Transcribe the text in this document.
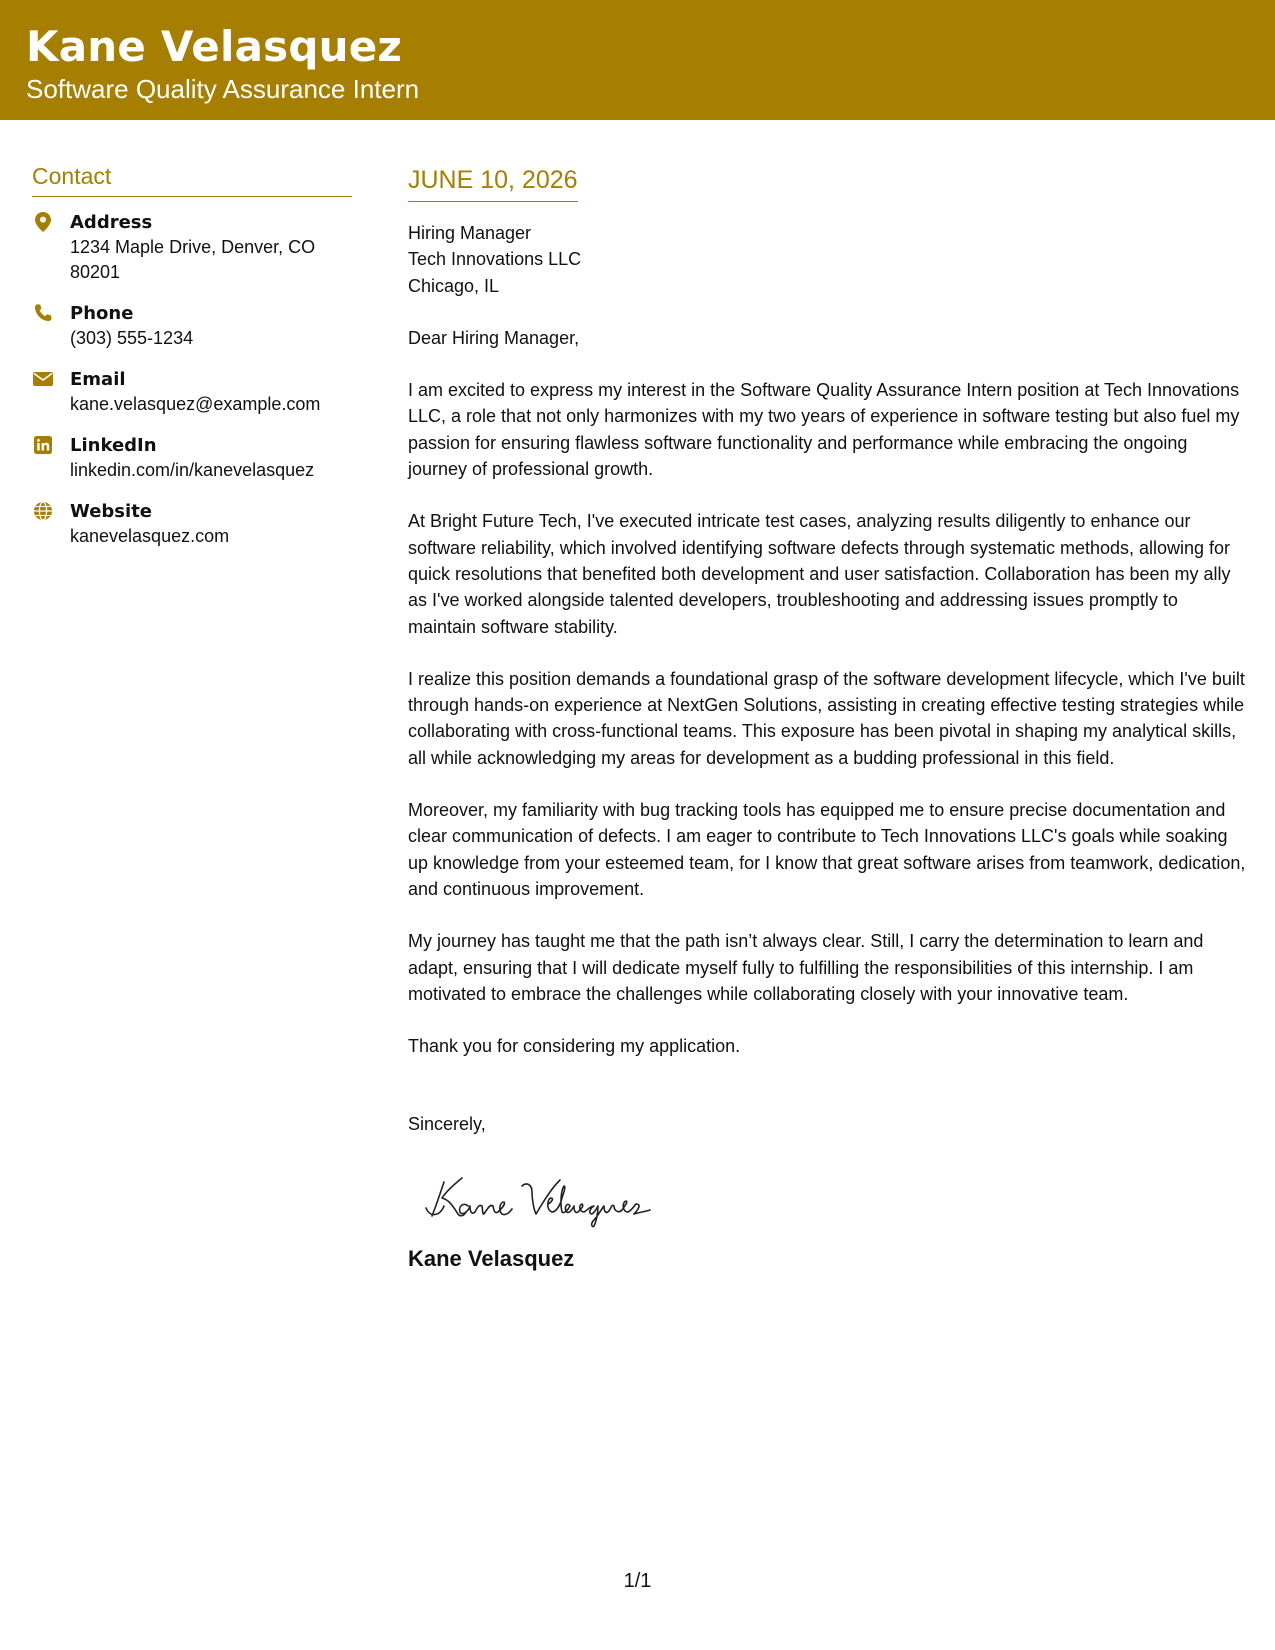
Kane Velasquez
Software Quality Assurance Intern
Contact
Address
1234 Maple Drive, Denver, CO 80201
Phone
(303) 555-1234
Email
kane.velasquez@example.com
LinkedIn
linkedin.com/in/kanevelasquez
Website
kanevelasquez.com
JUNE 10, 2026
Hiring Manager
Tech Innovations LLC
Chicago, IL

Dear Hiring Manager,

I am excited to express my interest in the Software Quality Assurance Intern position at Tech Innovations LLC, a role that not only harmonizes with my two years of experience in software testing but also fuel my passion for ensuring flawless software functionality and performance while embracing the ongoing journey of professional growth.

At Bright Future Tech, I've executed intricate test cases, analyzing results diligently to enhance our software reliability, which involved identifying software defects through systematic methods, allowing for quick resolutions that benefited both development and user satisfaction. Collaboration has been my ally as I've worked alongside talented developers, troubleshooting and addressing issues promptly to maintain software stability.

I realize this position demands a foundational grasp of the software development lifecycle, which I've built through hands-on experience at NextGen Solutions, assisting in creating effective testing strategies while collaborating with cross-functional teams. This exposure has been pivotal in shaping my analytical skills, all while acknowledging my areas for development as a budding professional in this field.

Moreover, my familiarity with bug tracking tools has equipped me to ensure precise documentation and clear communication of defects. I am eager to contribute to Tech Innovations LLC's goals while soaking up knowledge from your esteemed team, for I know that great software arises from teamwork, dedication, and continuous improvement.

My journey has taught me that the path isn’t always clear. Still, I carry the determination to learn and adapt, ensuring that I will dedicate myself fully to fulfilling the responsibilities of this internship. I am motivated to embrace the challenges while collaborating closely with your innovative team.

Thank you for considering my application.

Sincerely,
Kane Velasquez
1/1
